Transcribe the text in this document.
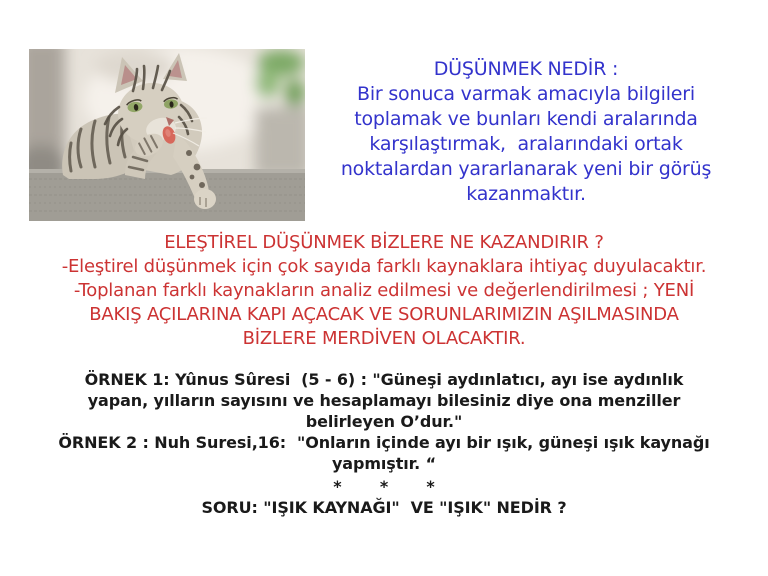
DÜŞÜNMEK NEDİR :
Bir sonuca varmak amacıyla bilgileri
toplamak ve bunları kendi aralarında
karşılaştırmak,  aralarındaki ortak
noktalardan yararlanarak yeni bir görüş
kazanmaktır.
ELEŞTİREL DÜŞÜNMEK BİZLERE NE KAZANDIRIR ?
-Eleştirel düşünmek için çok sayıda farklı kaynaklara ihtiyaç duyulacaktır.
-Toplanan farklı kaynakların analiz edilmesi ve değerlendirilmesi ; YENİ
BAKIŞ AÇILARINA KAPI AÇACAK VE SORUNLARIMIZIN AŞILMASINDA
BİZLERE MERDİVEN OLACAKTIR.
ÖRNEK 1: Yûnus Sûresi  (5 - 6) : "Güneşi aydınlatıcı, ayı ise aydınlık
yapan, yılların sayısını ve hesaplamayı bilesiniz diye ona menziller
belirleyen O’dur."
ÖRNEK 2 : Nuh Suresi,16:  "Onların içinde ayı bir ışık, güneşi ışık kaynağı
yapmıştır. “
*       *       *
SORU: "IŞIK KAYNAĞI"  VE "IŞIK" NEDİR ?
